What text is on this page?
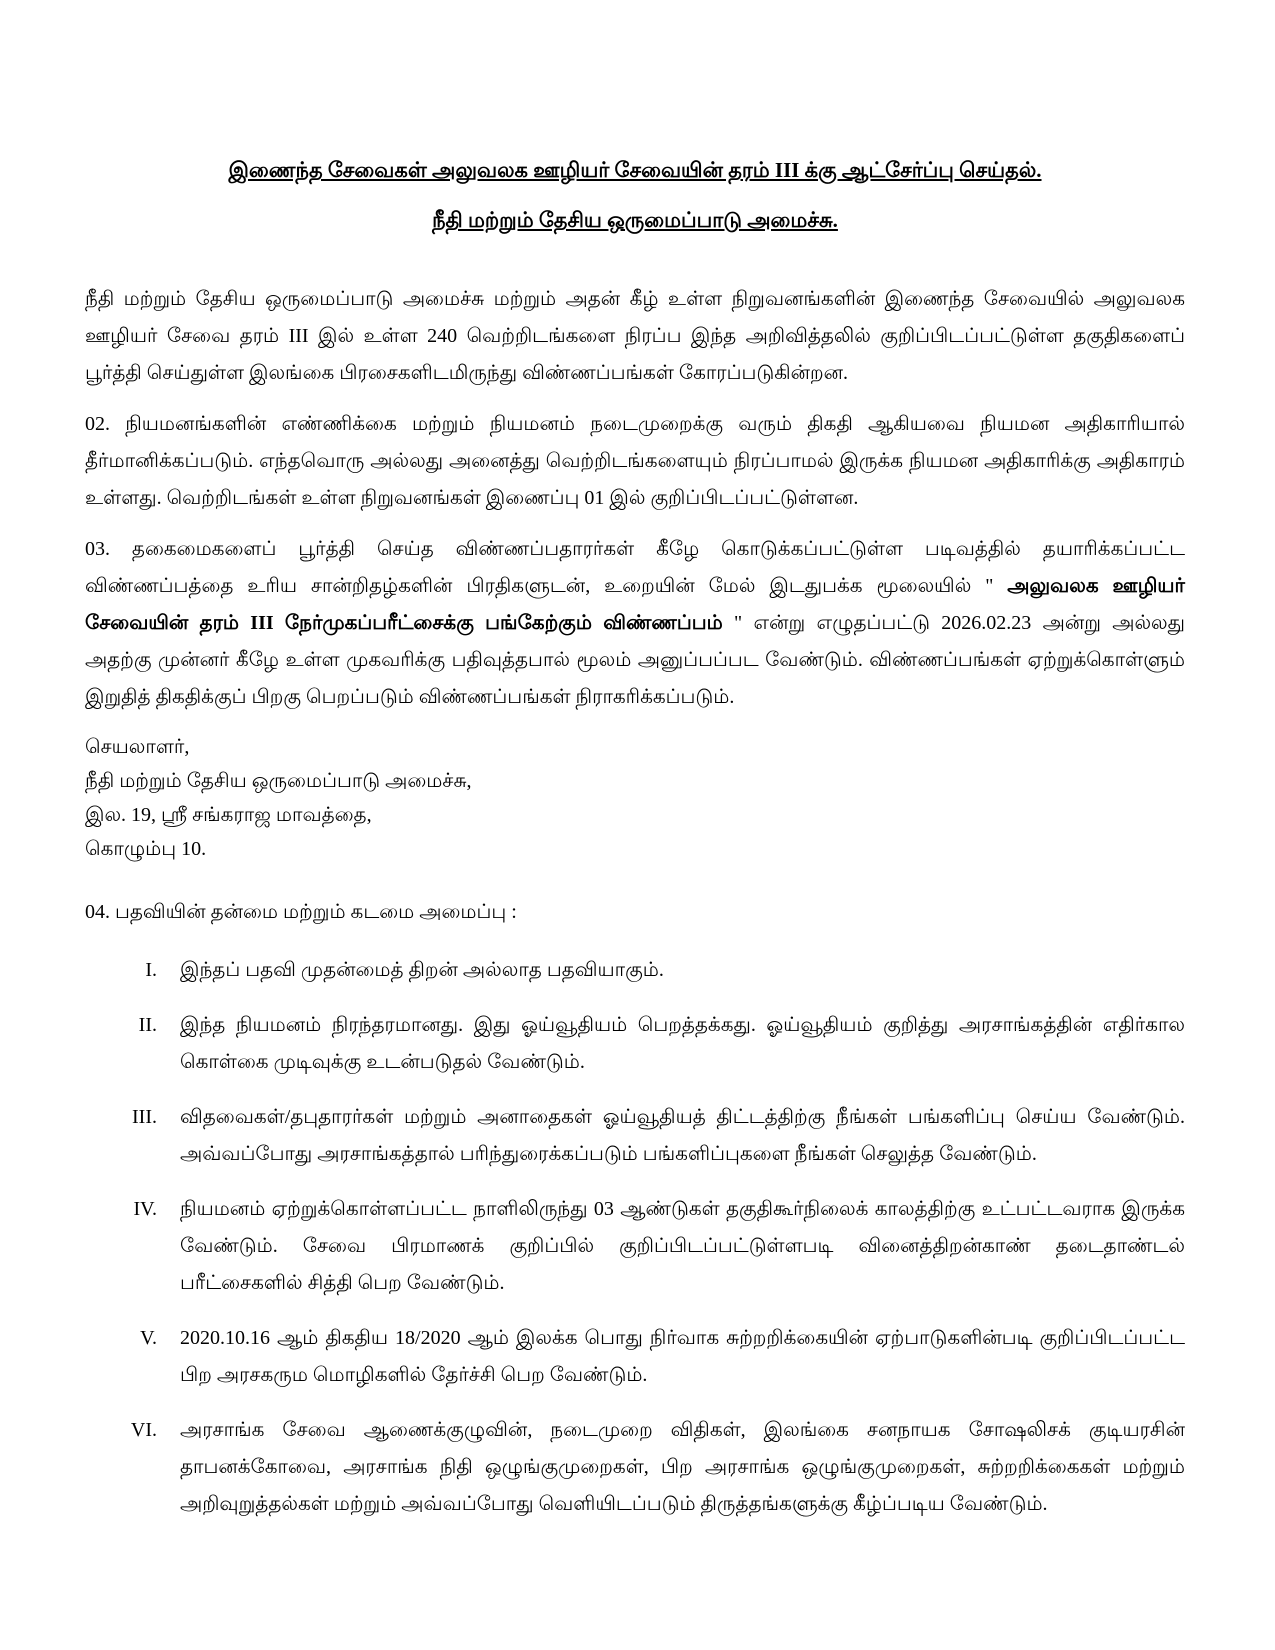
இணைந்த சேவைகள் அலுவலக ஊழியர் சேவையின் தரம் III க்கு ஆட்சேர்ப்பு செய்தல்.
நீதி மற்றும் தேசிய ஒருமைப்பாடு அமைச்சு.

நீதி மற்றும் தேசிய ஒருமைப்பாடு அமைச்சு மற்றும் அதன் கீழ் உள்ள நிறுவனங்களின் இணைந்த சேவையில் அலுவலக ஊழியர் சேவை தரம் III இல் உள்ள 240 வெற்றிடங்களை நிரப்ப இந்த அறிவித்தலில் குறிப்பிடப்பட்டுள்ள தகுதிகளைப் பூர்த்தி செய்துள்ள இலங்கை பிரசைகளிடமிருந்து விண்ணப்பங்கள் கோரப்படுகின்றன.

02. நியமனங்களின் எண்ணிக்கை மற்றும் நியமனம் நடைமுறைக்கு வரும் திகதி ஆகியவை நியமன அதிகாரியால் தீர்மானிக்கப்படும். எந்தவொரு அல்லது அனைத்து வெற்றிடங்களையும் நிரப்பாமல் இருக்க நியமன அதிகாரிக்கு அதிகாரம் உள்ளது. வெற்றிடங்கள் உள்ள நிறுவனங்கள் இணைப்பு 01 இல் குறிப்பிடப்பட்டுள்ளன.

03. தகைமைகளைப் பூர்த்தி செய்த விண்ணப்பதாரர்கள் கீழே கொடுக்கப்பட்டுள்ள படிவத்தில் தயாரிக்கப்பட்ட விண்ணப்பத்தை உரிய சான்றிதழ்களின் பிரதிகளுடன், உறையின் மேல் இடதுபக்க மூலையில் " அலுவலக ஊழியர் சேவையின் தரம் III நேர்முகப்பரீட்சைக்கு பங்கேற்கும் விண்ணப்பம் " என்று எழுதப்பட்டு 2026.02.23 அன்று அல்லது அதற்கு முன்னர் கீழே உள்ள முகவரிக்கு பதிவுத்தபால் மூலம் அனுப்பப்பட வேண்டும். விண்ணப்பங்கள் ஏற்றுக்கொள்ளும் இறுதித் திகதிக்குப் பிறகு பெறப்படும் விண்ணப்பங்கள் நிராகரிக்கப்படும்.

செயலாளர்,
நீதி மற்றும் தேசிய ஒருமைப்பாடு அமைச்சு,
இல. 19, ஸ்ரீ சங்கராஜ மாவத்தை,
கொழும்பு 10.
04. பதவியின் தன்மை மற்றும் கடமை அமைப்பு :
I. இந்தப் பதவி முதன்மைத் திறன் அல்லாத பதவியாகும்.
II. இந்த நியமனம் நிரந்தரமானது. இது ஓய்வூதியம் பெறத்தக்கது. ஓய்வூதியம் குறித்து அரசாங்கத்தின் எதிர்கால கொள்கை முடிவுக்கு உடன்படுதல் வேண்டும்.
III. விதவைகள்/தபுதாரர்கள் மற்றும் அனாதைகள் ஓய்வூதியத் திட்டத்திற்கு நீங்கள் பங்களிப்பு செய்ய வேண்டும். அவ்வப்போது அரசாங்கத்தால் பரிந்துரைக்கப்படும் பங்களிப்புகளை நீங்கள் செலுத்த வேண்டும்.
IV. நியமனம் ஏற்றுக்கொள்ளப்பட்ட நாளிலிருந்து 03 ஆண்டுகள் தகுதிகூர்நிலைக் காலத்திற்கு உட்பட்டவராக இருக்க வேண்டும். சேவை பிரமாணக் குறிப்பில் குறிப்பிடப்பட்டுள்ளபடி வினைத்திறன்காண் தடைதாண்டல் பரீட்சைகளில் சித்தி பெற வேண்டும்.
V. 2020.10.16 ஆம் திகதிய 18/2020 ஆம் இலக்க பொது நிர்வாக சுற்றறிக்கையின் ஏற்பாடுகளின்படி குறிப்பிடப்பட்ட பிற அரசகரும மொழிகளில் தேர்ச்சி பெற வேண்டும்.
VI. அரசாங்க சேவை ஆணைக்குழுவின், நடைமுறை விதிகள், இலங்கை சனநாயக சோஷலிசக் குடியரசின் தாபனக்கோவை, அரசாங்க நிதி ஒழுங்குமுறைகள், பிற அரசாங்க ஒழுங்குமுறைகள், சுற்றறிக்கைகள் மற்றும் அறிவுறுத்தல்கள் மற்றும் அவ்வப்போது வெளியிடப்படும் திருத்தங்களுக்கு கீழ்ப்படிய வேண்டும்.
